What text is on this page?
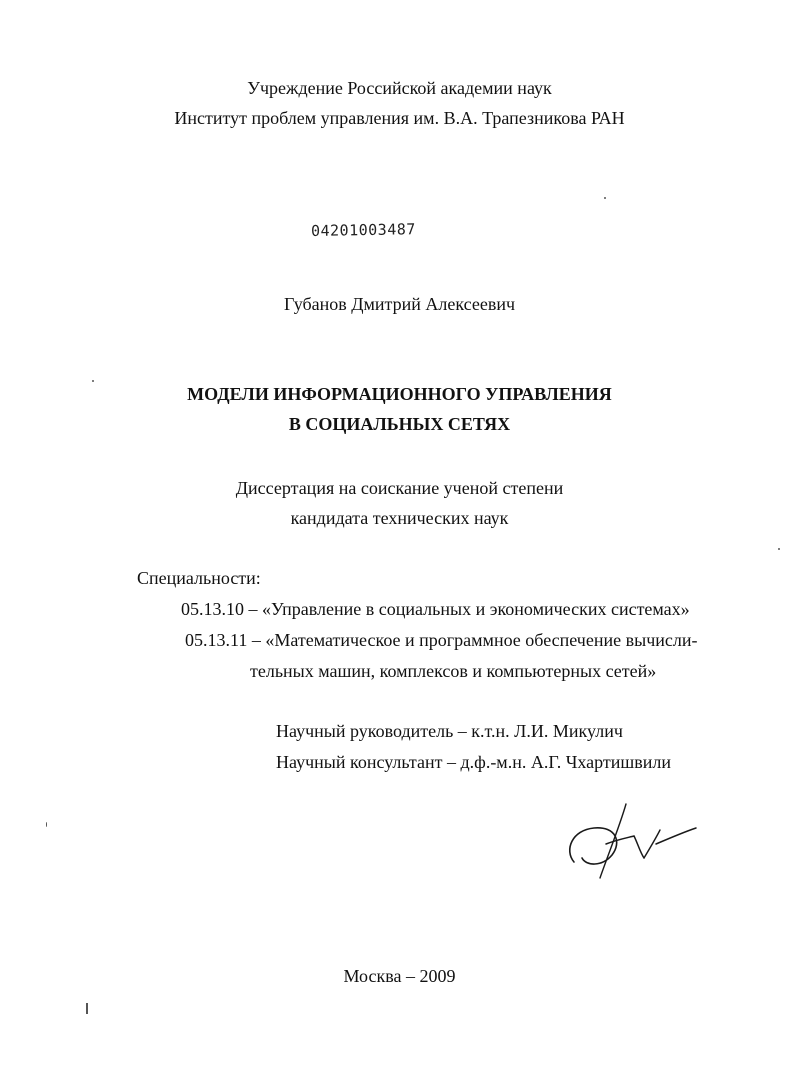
Учреждение Российской академии наук
Институт проблем управления им. В.А. Трапезникова РАН
04201003487
Губанов Дмитрий Алексеевич
МОДЕЛИ ИНФОРМАЦИОННОГО УПРАВЛЕНИЯ
В СОЦИАЛЬНЫХ СЕТЯХ
Диссертация на соискание ученой степени
кандидата технических наук
Специальности:
05.13.10 – «Управление в социальных и экономических системах»
05.13.11 – «Математическое и программное обеспечение вычисли-
тельных машин, комплексов и компьютерных сетей»
Научный руководитель – к.т.н. Л.И. Микулич
Научный консультант – д.ф.-м.н. А.Г. Чхартишвили
Москва – 2009
